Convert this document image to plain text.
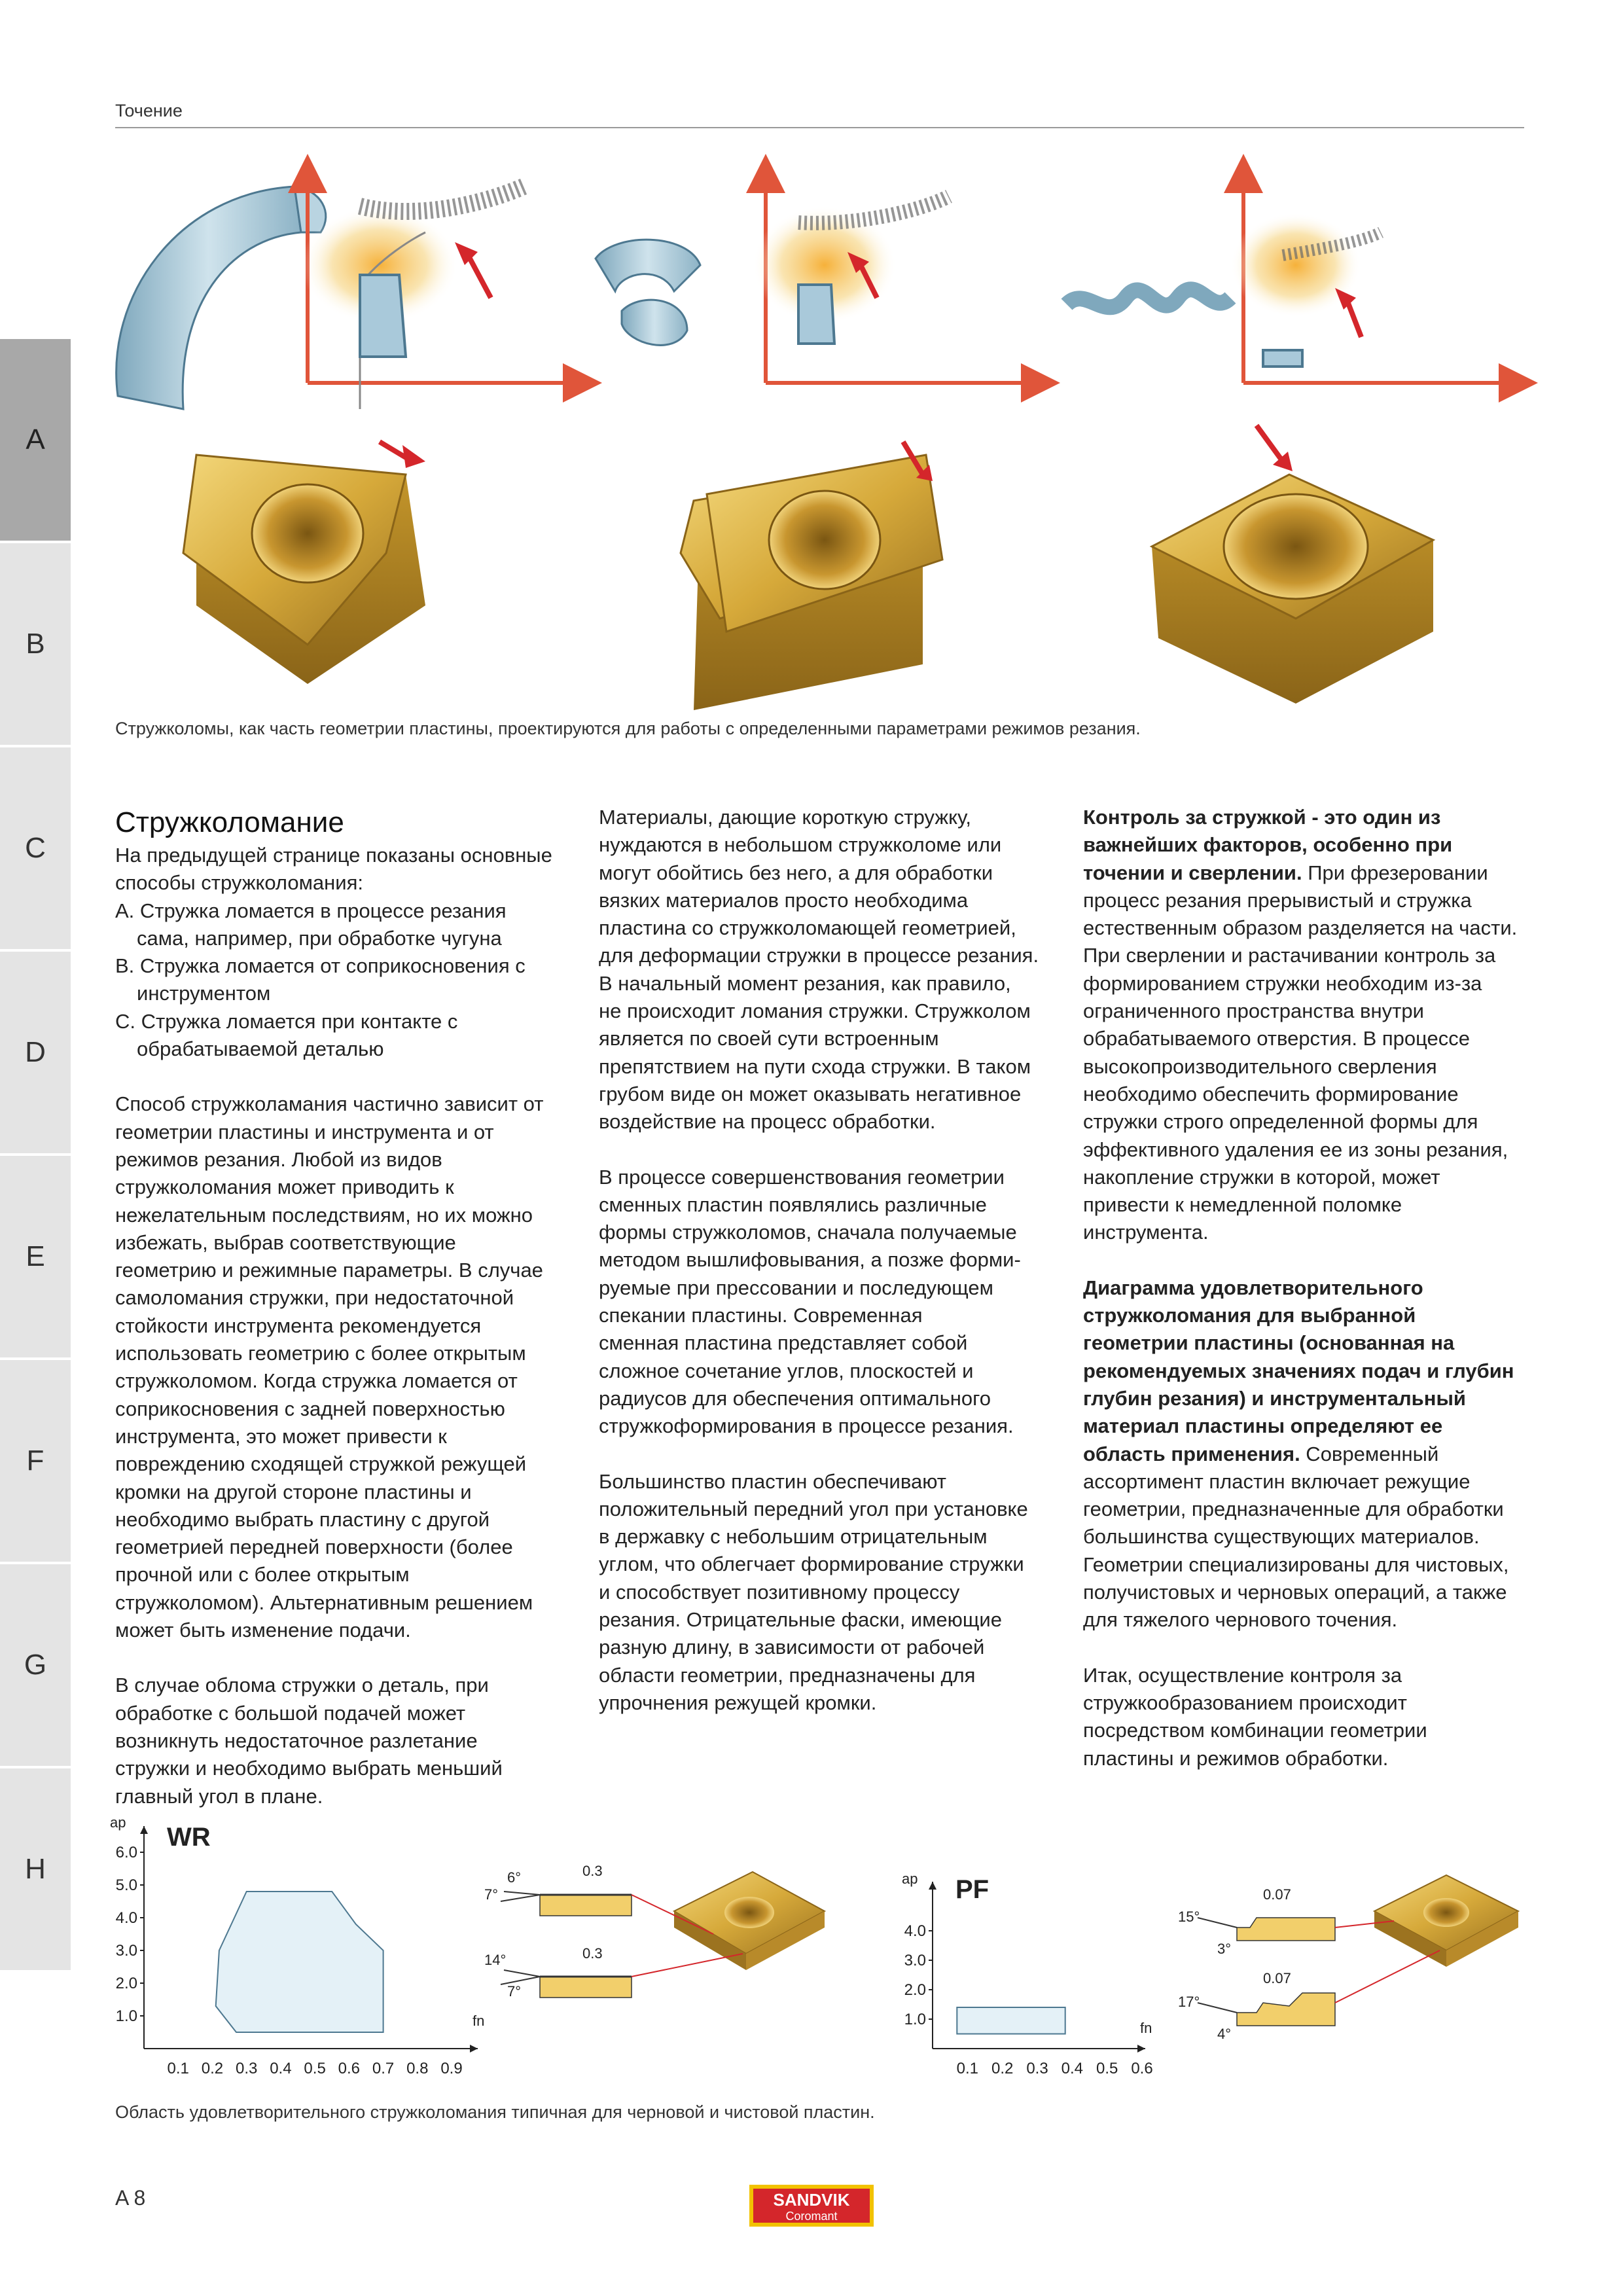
Точение
A
B
C
D
E
F
G
H
Стружколомы, как часть геометрии пластины, проектируются для работы с определенными параметрами режимов резания.

Стружколомание

На предыдущей странице показаны основные

способы стружколомания:

A. Стружка ломается в процессе резания

сама, например, при обработке чугуна

B. Стружка ломается от соприкосновения с

инструментом

C. Стружка ломается при контакте с

обрабатываемой деталью

Способ стружколамания частично зависит от

геометрии пластины и инструмента и от

режимов резания. Любой из видов

стружколомания может приводить к

нежелательным последствиям, но их можно

избежать, выбрав соответствующие

геометрию и режимные параметры. В случае

самоломания стружки, при недостаточной

стойкости инструмента рекомендуется

использовать геометрию с более открытым

стружколомом. Когда стружка ломается от

соприкосновения с задней поверхностью

инструмента, это может привести к

повреждению сходящей стружкой режущей

кромки на другой стороне пластины и

необходимо выбрать пластину с другой

геометрией передней поверхности (более

прочной или с более открытым

стружколомом). Альтернативным решением

может быть изменение подачи.

В случае облома стружки о деталь, при

обработке с большой подачей может

возникнуть недостаточное разлетание

стружки и необходимо выбрать меньший

главный угол в плане.

Материалы, дающие короткую стружку,

нуждаются в небольшом стружколоме или

могут обойтись без него, а для обработки

вязких материалов просто необходима

пластина со стружколомающей геометрией,

для деформации стружки в процессе резания.

В начальный момент резания, как правило,

не происходит ломания стружки. Стружколом

является по своей сути встроенным

препятствием на пути схода стружки. В таком

грубом виде он может оказывать негативное

воздействие на процесс обработки.

В процессе совершенствования геометрии

сменных пластин появлялись различные

формы стружколомов, сначала получаемые

методом вышлифовывания, а позже форми-

руемые при прессовании и последующем

спекании пластины. Современная

сменная пластина представляет собой

сложное сочетание углов, плоскостей и

радиусов для обеспечения оптимального

стружкоформирования в процессе резания.

Большинство пластин обеспечивают

положительный передний угол при установке

в державку с небольшим отрицательным

углом, что облегчает формирование стружки

и способствует позитивному процессу

резания. Отрицательные фаски, имеющие

разную длину, в зависимости от рабочей

области геометрии, предназначены для

упрочнения режущей кромки.

Контроль за стружкой - это один из

важнейших факторов, особенно при

точении и сверлении. При фрезеровании

процесс резания прерывистый и стружка

естественным образом разделяется на части.

При сверлении и растачивании контроль за

формированием стружки необходим из-за

ограниченного пространства внутри

обрабатываемого отверстия. В процессе

высокопроизводительного сверления

необходимо обеспечить формирование

стружки строго определенной формы для

эффективного удаления ее из зоны резания,

накопление стружки в которой, может

привести к немедленной поломке

инструмента.

Диаграмма удовлетворительного

стружколомания для выбранной

геометрии пластины (основанная на

рекомендуемых значениях подач и глубин

глубин резания) и инструментальный

материал пластины определяют ее

область применения. Современный

ассортимент пластин включает режущие

геометрии, предназначенные для обработки

большинства существующих материалов.

Геометрии специализированы для чистовых,

получистовых и черновых операций, а также

для тяжелого чернового точения.

Итак, осуществление контроля за

стружкообразованием происходит

посредством комбинации геометрии

пластины и режимов обработки.

WR
ap
fn
0.1 0.2 0.3 0.4 0.5 0.6 0.7 0.8 0.9
1.0
2.0
3.0
4.0
5.0
6.0
0.3
6°
7°
0.3
14°
7°
PF
ap
fn
0.1 0.2 0.3 0.4 0.5 0.6
1.0
2.0
3.0
4.0
0.07
15°
3°
0.07
17°
4°
Область удовлетворительного стружколомания типичная для черновой и чистовой пластин.
A 8	SANDVIK
Coromant
